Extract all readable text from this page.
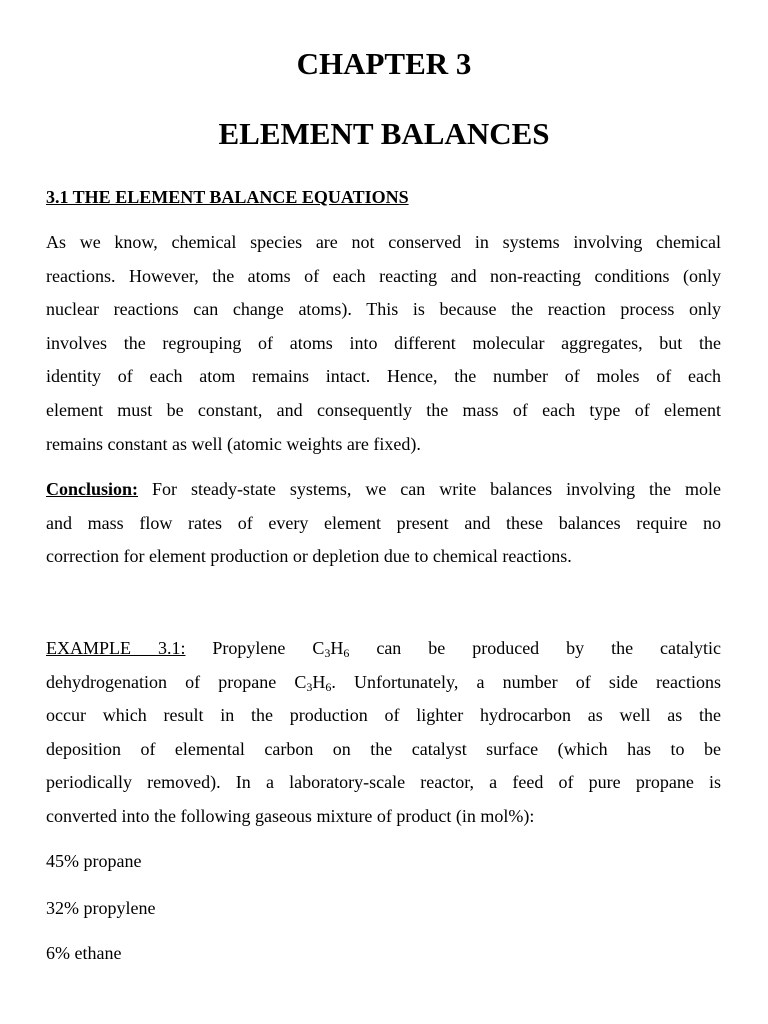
CHAPTER 3
ELEMENT BALANCES
3.1 THE ELEMENT BALANCE EQUATIONS
As we know, chemical species are not conserved in systems involving chemical
reactions. However, the atoms of each reacting and non-reacting conditions (only
nuclear reactions can change atoms). This is because the reaction process only
involves the regrouping of atoms into different molecular aggregates, but the
identity of each atom remains intact. Hence, the number of moles of each
element must be constant, and consequently the mass of each type of element
remains constant as well (atomic weights are fixed).
Conclusion: For steady-state systems, we can write balances involving the mole
and mass flow rates of every element present and these balances require no
correction for element production or depletion due to chemical reactions.
EXAMPLE 3.1: Propylene $C_3H_6$ can be produced by the catalytic
dehydrogenation of propane $C_3H_6$. Unfortunately, a number of side reactions
occur which result in the production of lighter hydrocarbon as well as the
deposition of elemental carbon on the catalyst surface (which has to be
periodically removed). In a laboratory-scale reactor, a feed of pure propane is
converted into the following gaseous mixture of product (in mol%):

45% propane

32% propylene

6% ethane
